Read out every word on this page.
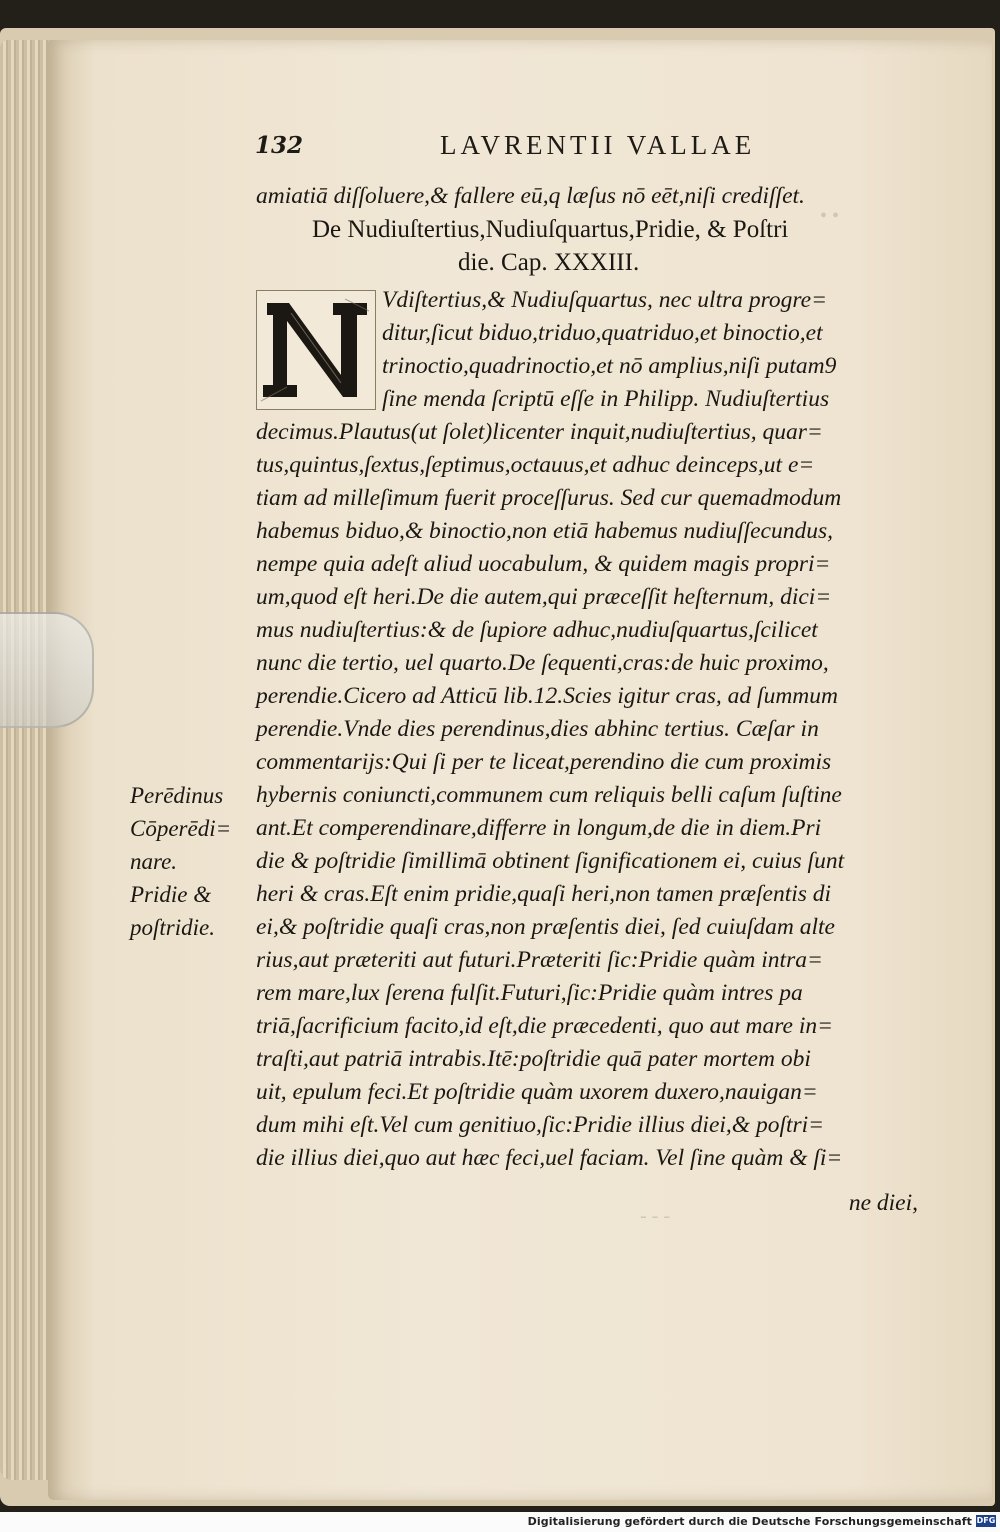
• •
- - -
132	LAVRENTII VALLAE
amiatiā diſſoluere,& fallere eū,q læſus nō eēt,niſi crediſſet.
De Nudiuſtertius,Nudiuſquartus,Pridie, & Poſtri
die. Cap. XXXIII.
Vdiſtertius,& Nudiuſquartus, nec ultra progre=
ditur,ſicut biduo,triduo,quatriduo,et binoctio,et
trinoctio,quadrinoctio,et nō amplius,niſi putam9
ſine menda ſcriptū eſſe in Philipp. Nudiuſtertius
decimus.Plautus(ut ſolet)licenter inquit,nudiuſtertius, quar=
tus,quintus,ſextus,ſeptimus,octauus,et adhuc deinceps,ut e=
tiam ad milleſimum fuerit proceſſurus. Sed cur quemadmodum
habemus biduo,& binoctio,non etiā habemus nudiuſſecundus,
nempe quia adeſt aliud uocabulum, & quidem magis propri=
um,quod eſt heri.De die autem,qui præceſſit heſternum, dici=
mus nudiuſtertius:& de ſupiore adhuc,nudiuſquartus,ſcilicet
nunc die tertio, uel quarto.De ſequenti,cras:de huic proximo,
perendie.Cicero ad Atticū lib.12.Scies igitur cras, ad ſummum
perendie.Vnde dies perendinus,dies abhinc tertius. Cæſar in
commentarijs:Qui ſi per te liceat,perendino die cum proximis
hybernis coniuncti,communem cum reliquis belli caſum ſuſtine
ant.Et comperendinare,differre in longum,de die in diem.Pri
die & poſtridie ſimillimā obtinent ſignificationem ei, cuius ſunt
heri & cras.Eſt enim pridie,quaſi heri,non tamen præſentis di
ei,& poſtridie quaſi cras,non præſentis diei, ſed cuiuſdam alte
rius,aut præteriti aut futuri.Præteriti ſic:Pridie quàm intra=
rem mare,lux ſerena fulſit.Futuri,ſic:Pridie quàm intres pa
triā,ſacrificium facito,id eſt,die præcedenti, quo aut mare in=
traſti,aut patriā intrabis.Itē:poſtridie quā pater mortem obi
uit, epulum feci.Et poſtridie quàm uxorem duxero,nauigan=
dum mihi eſt.Vel cum genitiuo,ſic:Pridie illius diei,& poſtri=
die illius diei,quo aut hæc feci,uel faciam. Vel ſine quàm & ſi=
ne diei,
Perēdinus
Cōperēdi=
nare.
Pridie &
poſtridie.
Digitalisierung gefördert durch die Deutsche Forschungsgemeinschaft DFG
